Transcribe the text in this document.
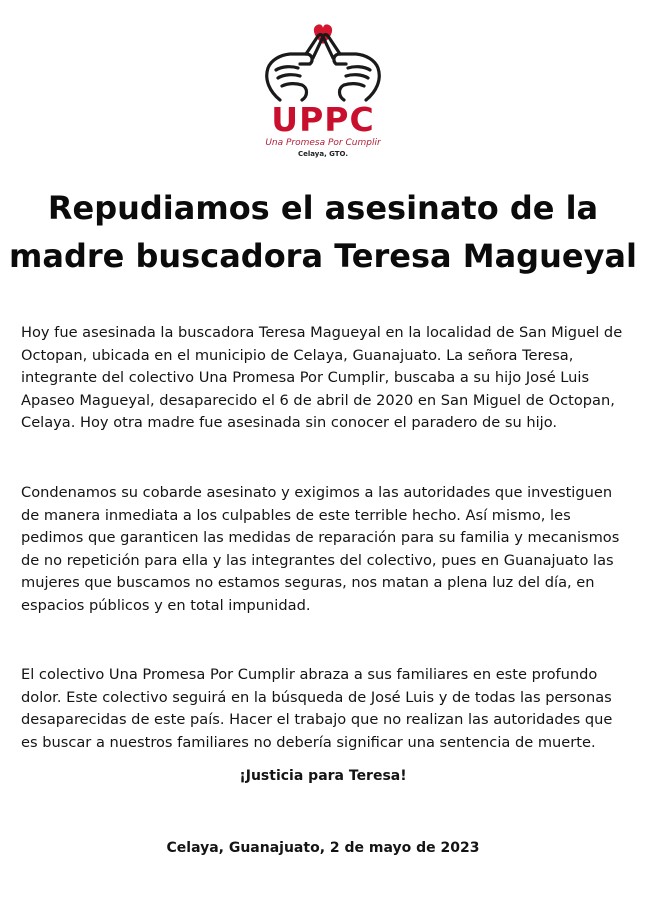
UPPC
Una Promesa Por Cumplir
Celaya, GTO.
Repudiamos el asesinato de la
madre buscadora Teresa Magueyal

Hoy fue asesinada la buscadora Teresa Magueyal en la localidad de San Miguel de Octopan, ubicada en el municipio de Celaya, Guanajuato. La señora Teresa, integrante del colectivo Una Promesa Por Cumplir, buscaba a su hijo José Luis Apaseo Magueyal, desaparecido el 6 de abril de 2020 en San Miguel de Octopan, Celaya. Hoy otra madre fue asesinada sin conocer el paradero de su hijo.

Condenamos su cobarde asesinato y exigimos a las autoridades que investiguen de manera inmediata a los culpables de este terrible hecho. Así mismo, les pedimos que garanticen las medidas de reparación para su familia y mecanismos de no repetición para ella y las integrantes del colectivo, pues en Guanajuato las mujeres que buscamos no estamos seguras, nos matan a plena luz del día, en espacios públicos y en total impunidad.

El colectivo Una Promesa Por Cumplir abraza a sus familiares en este profundo dolor. Este colectivo seguirá en la búsqueda de José Luis y de todas las personas desaparecidas de este país. Hacer el trabajo que no realizan las autoridades que es buscar a nuestros familiares no debería significar una sentencia de muerte.

¡Justicia para Teresa!

Celaya, Guanajuato, 2 de mayo de 2023
